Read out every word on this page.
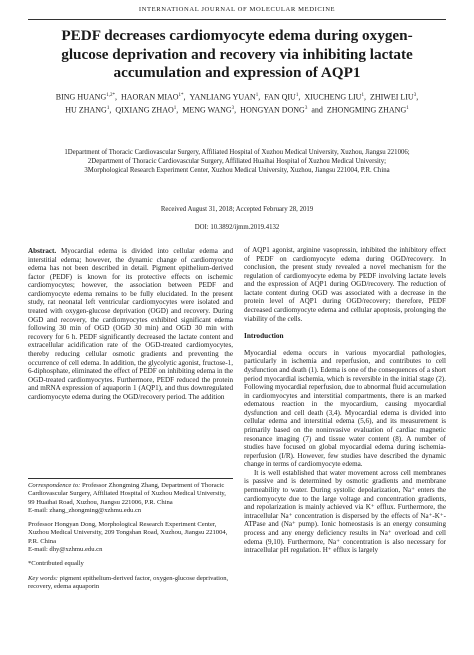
INTERNATIONAL JOURNAL OF MOLECULAR MEDICINE
PEDF decreases cardiomyocyte edema during oxygen-glucose deprivation and recovery via inhibiting lactate accumulation and expression of AQP1
BING $HUANG^{1,2*}$,  HAORAN $MIAO^{1*}$,  YANLIANG YUAN$^1$,  FAN QIU$^1$,  XIUCHENG LIU$^1$,  ZHIWEI LIU$^3$,
HU ZHANG$^1$,  QIXIANG ZHAO$^1$,  MENG WANG$^3$,  HONGYAN DONG$^3$  and  ZHONGMING ZHANG$^1$
1Department of Thoracic Cardiovascular Surgery, Affiliated Hospital of Xuzhou Medical University, Xuzhou, Jiangsu 221006;
2Department of Thoracic Cardiovascular Surgery, Affiliated Huaihai Hospital of Xuzhou Medical University;
3Morphological Research Experiment Center, Xuzhou Medical University, Xuzhou, Jiangsu 221004, P.R. China
Received August 31, 2018; Accepted February 28, 2019
DOI: 10.3892/ijmm.2019.4132

Abstract. Myocardial edema is divided into cellular edema and interstitial edema; however, the dynamic change of cardiomyocyte edema has not been described in detail. Pigment epithelium-derived factor (PEDF) is known for its protective effects on ischemic cardiomyocytes; however, the association between PEDF and cardiomyocyte edema remains to be fully elucidated. In the present study, rat neonatal left ventricular cardiomyocytes were isolated and treated with oxygen-glucose deprivation (OGD) and recovery. During OGD and recovery, the cardiomyocytes exhibited significant edema following 30 min of OGD (OGD 30 min) and OGD 30 min with recovery for 6 h. PEDF significantly decreased the lactate content and extracellular acidification rate of the OGD-treated cardiomyocytes, thereby reducing cellular osmotic gradients and preventing the occurrence of cell edema. In addition, the glycolytic agonist, fructose-1, 6-diphosphate, eliminated the effect of PEDF on inhibiting edema in the OGD-treated cardiomyocytes. Furthermore, PEDF reduced the protein and mRNA expression of aquaporin 1 (AQP1), and thus downregulated cardiomyocyte edema during the OGD/recovery period. The addition

Correspondence to: Professor Zhongming Zhang, Department of Thoracic Cardiovascular Surgery, Affiliated Hospital of Xuzhou Medical University, 99 Huaihai Road, Xuzhou, Jiangsu 221006, P.R. China

E-mail: zhang_zhongming@xzhmu.edu.cn

Professor Hongyan Dong, Morphological Research Experiment Center, Xuzhou Medical University, 209 Tongshan Road, Xuzhou, Jiangsu 221004, P.R. China

E-mail: dhy@xzhmu.edu.cn

*Contributed equally

Key words: pigment epithelium-derived factor, oxygen-glucose deprivation, recovery, edema aquaporin

of AQP1 agonist, arginine vasopressin, inhibited the inhibitory effect of PEDF on cardiomyocyte edema during OGD/recovery. In conclusion, the present study revealed a novel mechanism for the regulation of cardiomyocyte edema by PEDF involving lactate levels and the expression of AQP1 during OGD/recovery. The reduction of lactate content during OGD was associated with a decrease in the protein level of AQP1 during OGD/recovery; therefore, PEDF decreased cardiomyocyte edema and cellular apoptosis, prolonging the viability of the cells.

Introduction

Myocardial edema occurs in various myocardial pathologies, particularly in ischemia and reperfusion, and contributes to cell dysfunction and death (1). Edema is one of the consequences of a short period myocardial ischemia, which is reversible in the initial stage (2). Following myocardial reperfusion, due to abnormal fluid accumulation in cardiomyocytes and interstitial compartments, there is an marked edematous reaction in the myocardium, causing myocardial dysfunction and cell death (3,4). Myocardial edema is divided into cellular edema and interstitial edema (5,6), and its measurement is primarily based on the noninvasive evaluation of cardiac magnetic resonance imaging (7) and tissue water content (8). A number of studies have focused on global myocardial edema during ischemia-reperfusion (I/R). However, few studies have described the dynamic change in terms of cardiomyocyte edema.

It is well established that water movement across cell membranes is passive and is determined by osmotic gradients and membrane permeability to water. During systolic depolarization, Na⁺ enters the cardiomyocyte due to the large voltage and concentration gradients, and repolarization is mainly achieved via K⁺ efflux. Furthermore, the intracellular Na⁺ concentration is dispersed by the effects of Na⁺-K⁺-ATPase and (Na⁺ pump). Ionic homeostasis is an energy consuming process and any energy deficiency results in Na⁺ overload and cell edema (9,10). Furthermore, Na⁺ concentration is also necessary for intracellular pH regulation. H⁺ efflux is largely
